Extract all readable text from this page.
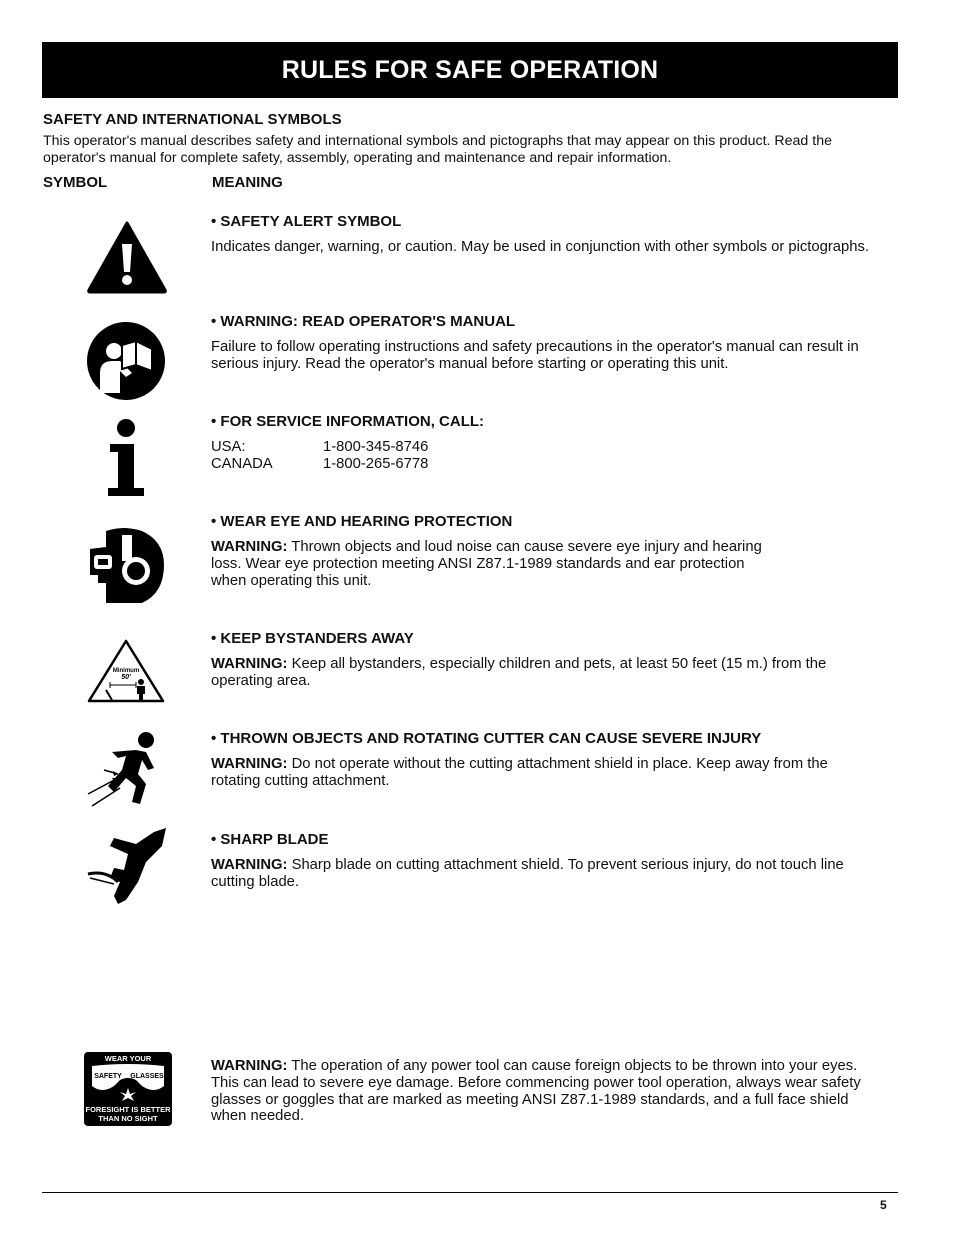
RULES FOR SAFE OPERATION
SAFETY AND INTERNATIONAL SYMBOLS
This operator's manual describes safety and international symbols and pictographs that may appear on this product. Read the operator's manual for complete safety, assembly, operating and maintenance and repair information.
SYMBOL	MEANING

• SAFETY ALERT SYMBOL

Indicates danger, warning, or caution. May be used in conjunction with other symbols or pictographs.

• WARNING: READ OPERATOR'S MANUAL

Failure to follow operating instructions and safety precautions in the operator's manual can result in serious injury. Read the operator's manual before starting or operating this unit.

• FOR SERVICE INFORMATION, CALL:

USA:	1-800-345-8746
CANADA	1-800-265-6778

• WEAR EYE AND HEARING PROTECTION

WARNING: Thrown objects and loud noise can cause severe eye injury and hearing loss. Wear eye protection meeting ANSI Z87.1-1989 standards and ear protection when operating this unit.

Minimum
50'

• KEEP BYSTANDERS AWAY

WARNING: Keep all bystanders, especially children and pets, at least 50 feet (15 m.) from the operating area.

• THROWN OBJECTS AND ROTATING CUTTER CAN CAUSE SEVERE INJURY

WARNING: Do not operate without the cutting attachment shield in place. Keep away from the rotating cutting attachment.

• SHARP BLADE

WARNING: Sharp blade on cutting attachment shield. To prevent serious injury, do not touch line cutting blade.

WEAR YOUR
SAFETY GLASSES
FORESIGHT IS BETTER
THAN NO SIGHT

WARNING: The operation of any power tool can cause foreign objects to be thrown into your eyes. This can lead to severe eye damage. Before commencing power tool operation, always wear safety glasses or goggles that are marked as meeting ANSI Z87.1-1989 standards, and a full face shield when needed.

5
